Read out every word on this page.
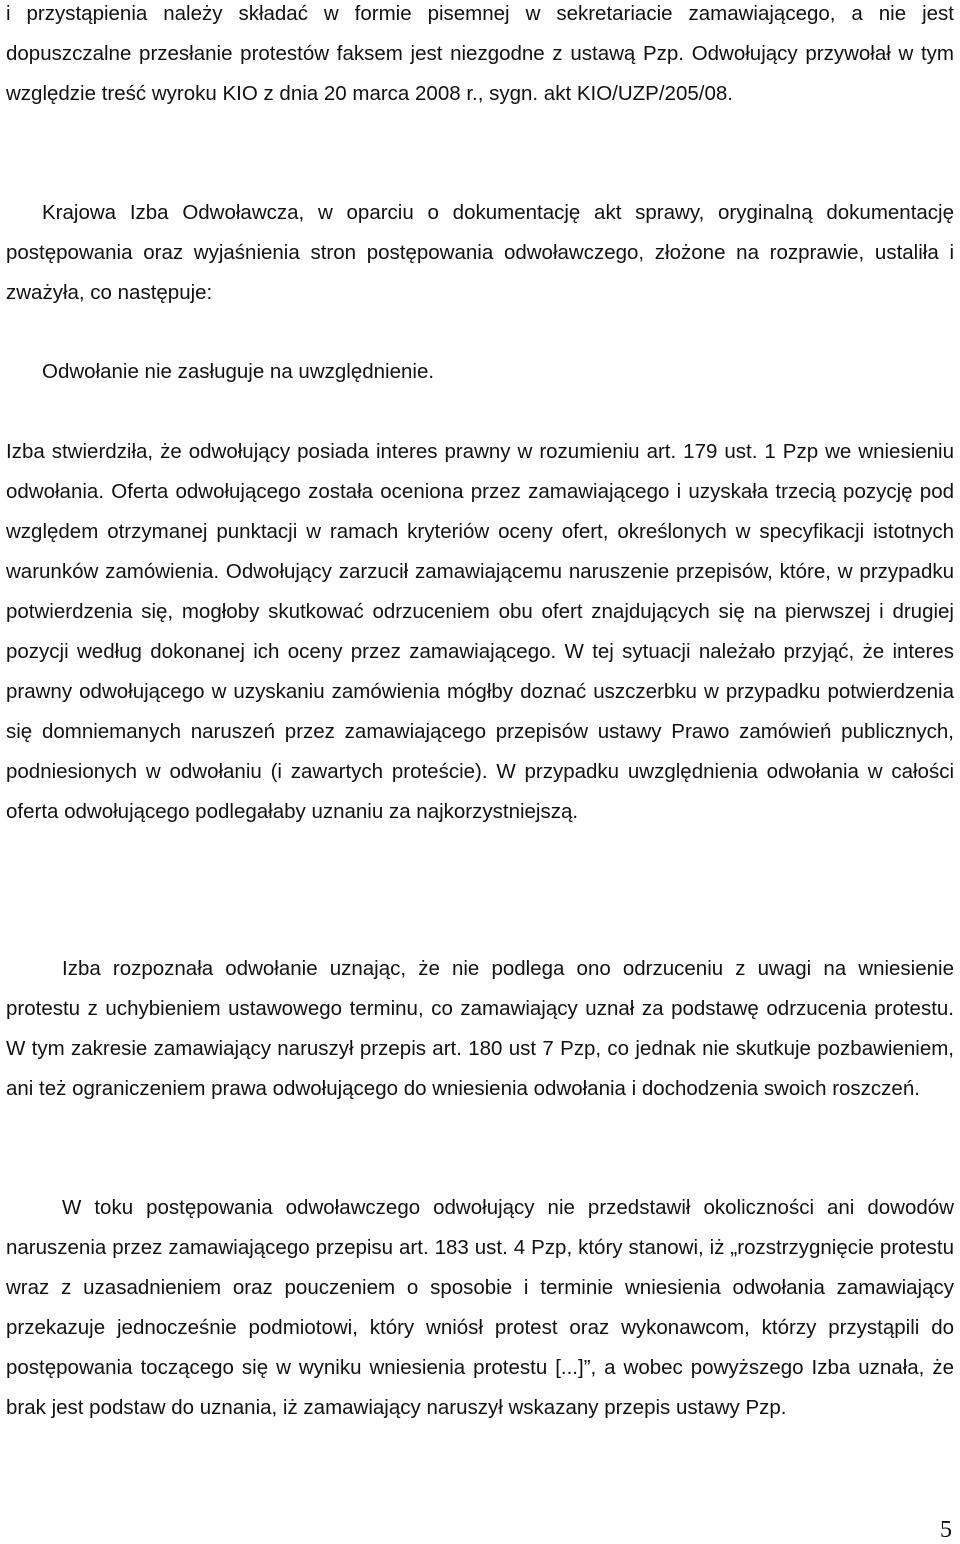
i przystąpienia należy składać w formie pisemnej w sekretariacie zamawiającego, a nie jest dopuszczalne przesłanie protestów faksem jest niezgodne z ustawą Pzp. Odwołujący przywołał w tym względzie treść wyroku KIO z dnia 20 marca 2008 r., sygn. akt KIO/UZP/205/08.

Krajowa Izba Odwoławcza, w oparciu o dokumentację akt sprawy, oryginalną dokumentację postępowania oraz wyjaśnienia stron postępowania odwoławczego, złożone na rozprawie, ustaliła i zważyła, co następuje:

Odwołanie nie zasługuje na uwzględnienie.

Izba stwierdziła, że odwołujący posiada interes prawny w rozumieniu art. 179 ust. 1 Pzp we wniesieniu odwołania. Oferta odwołującego została oceniona przez zamawiającego i uzyskała trzecią pozycję pod względem otrzymanej punktacji w ramach kryteriów oceny ofert, określonych w specyfikacji istotnych warunków zamówienia. Odwołujący zarzucił zamawiającemu naruszenie przepisów, które, w przypadku potwierdzenia się, mogłoby skutkować odrzuceniem obu ofert znajdujących się na pierwszej i drugiej pozycji według dokonanej ich oceny przez zamawiającego. W tej sytuacji należało przyjąć, że interes prawny odwołującego w uzyskaniu zamówienia mógłby doznać uszczerbku w przypadku potwierdzenia się domniemanych naruszeń przez zamawiającego przepisów ustawy Prawo zamówień publicznych, podniesionych w odwołaniu (i zawartych proteście). W przypadku uwzględnienia odwołania w całości oferta odwołującego podlegałaby uznaniu za najkorzystniejszą.

Izba rozpoznała odwołanie uznając, że nie podlega ono odrzuceniu z uwagi na wniesienie protestu z uchybieniem ustawowego terminu, co zamawiający uznał za podstawę odrzucenia protestu. W tym zakresie zamawiający naruszył przepis art. 180 ust 7 Pzp, co jednak nie skutkuje pozbawieniem, ani też ograniczeniem prawa odwołującego do wniesienia odwołania i dochodzenia swoich roszczeń.

W toku postępowania odwoławczego odwołujący nie przedstawił okoliczności ani dowodów naruszenia przez zamawiającego przepisu art. 183 ust. 4 Pzp, który stanowi, iż „rozstrzygnięcie protestu wraz z uzasadnieniem oraz pouczeniem o sposobie i terminie wniesienia odwołania zamawiający przekazuje jednocześnie podmiotowi, który wniósł protest oraz wykonawcom, którzy przystąpili do postępowania toczącego się w wyniku wniesienia protestu [...]”, a wobec powyższego Izba uznała, że brak jest podstaw do uznania, iż zamawiający naruszył wskazany przepis ustawy Pzp.

5
